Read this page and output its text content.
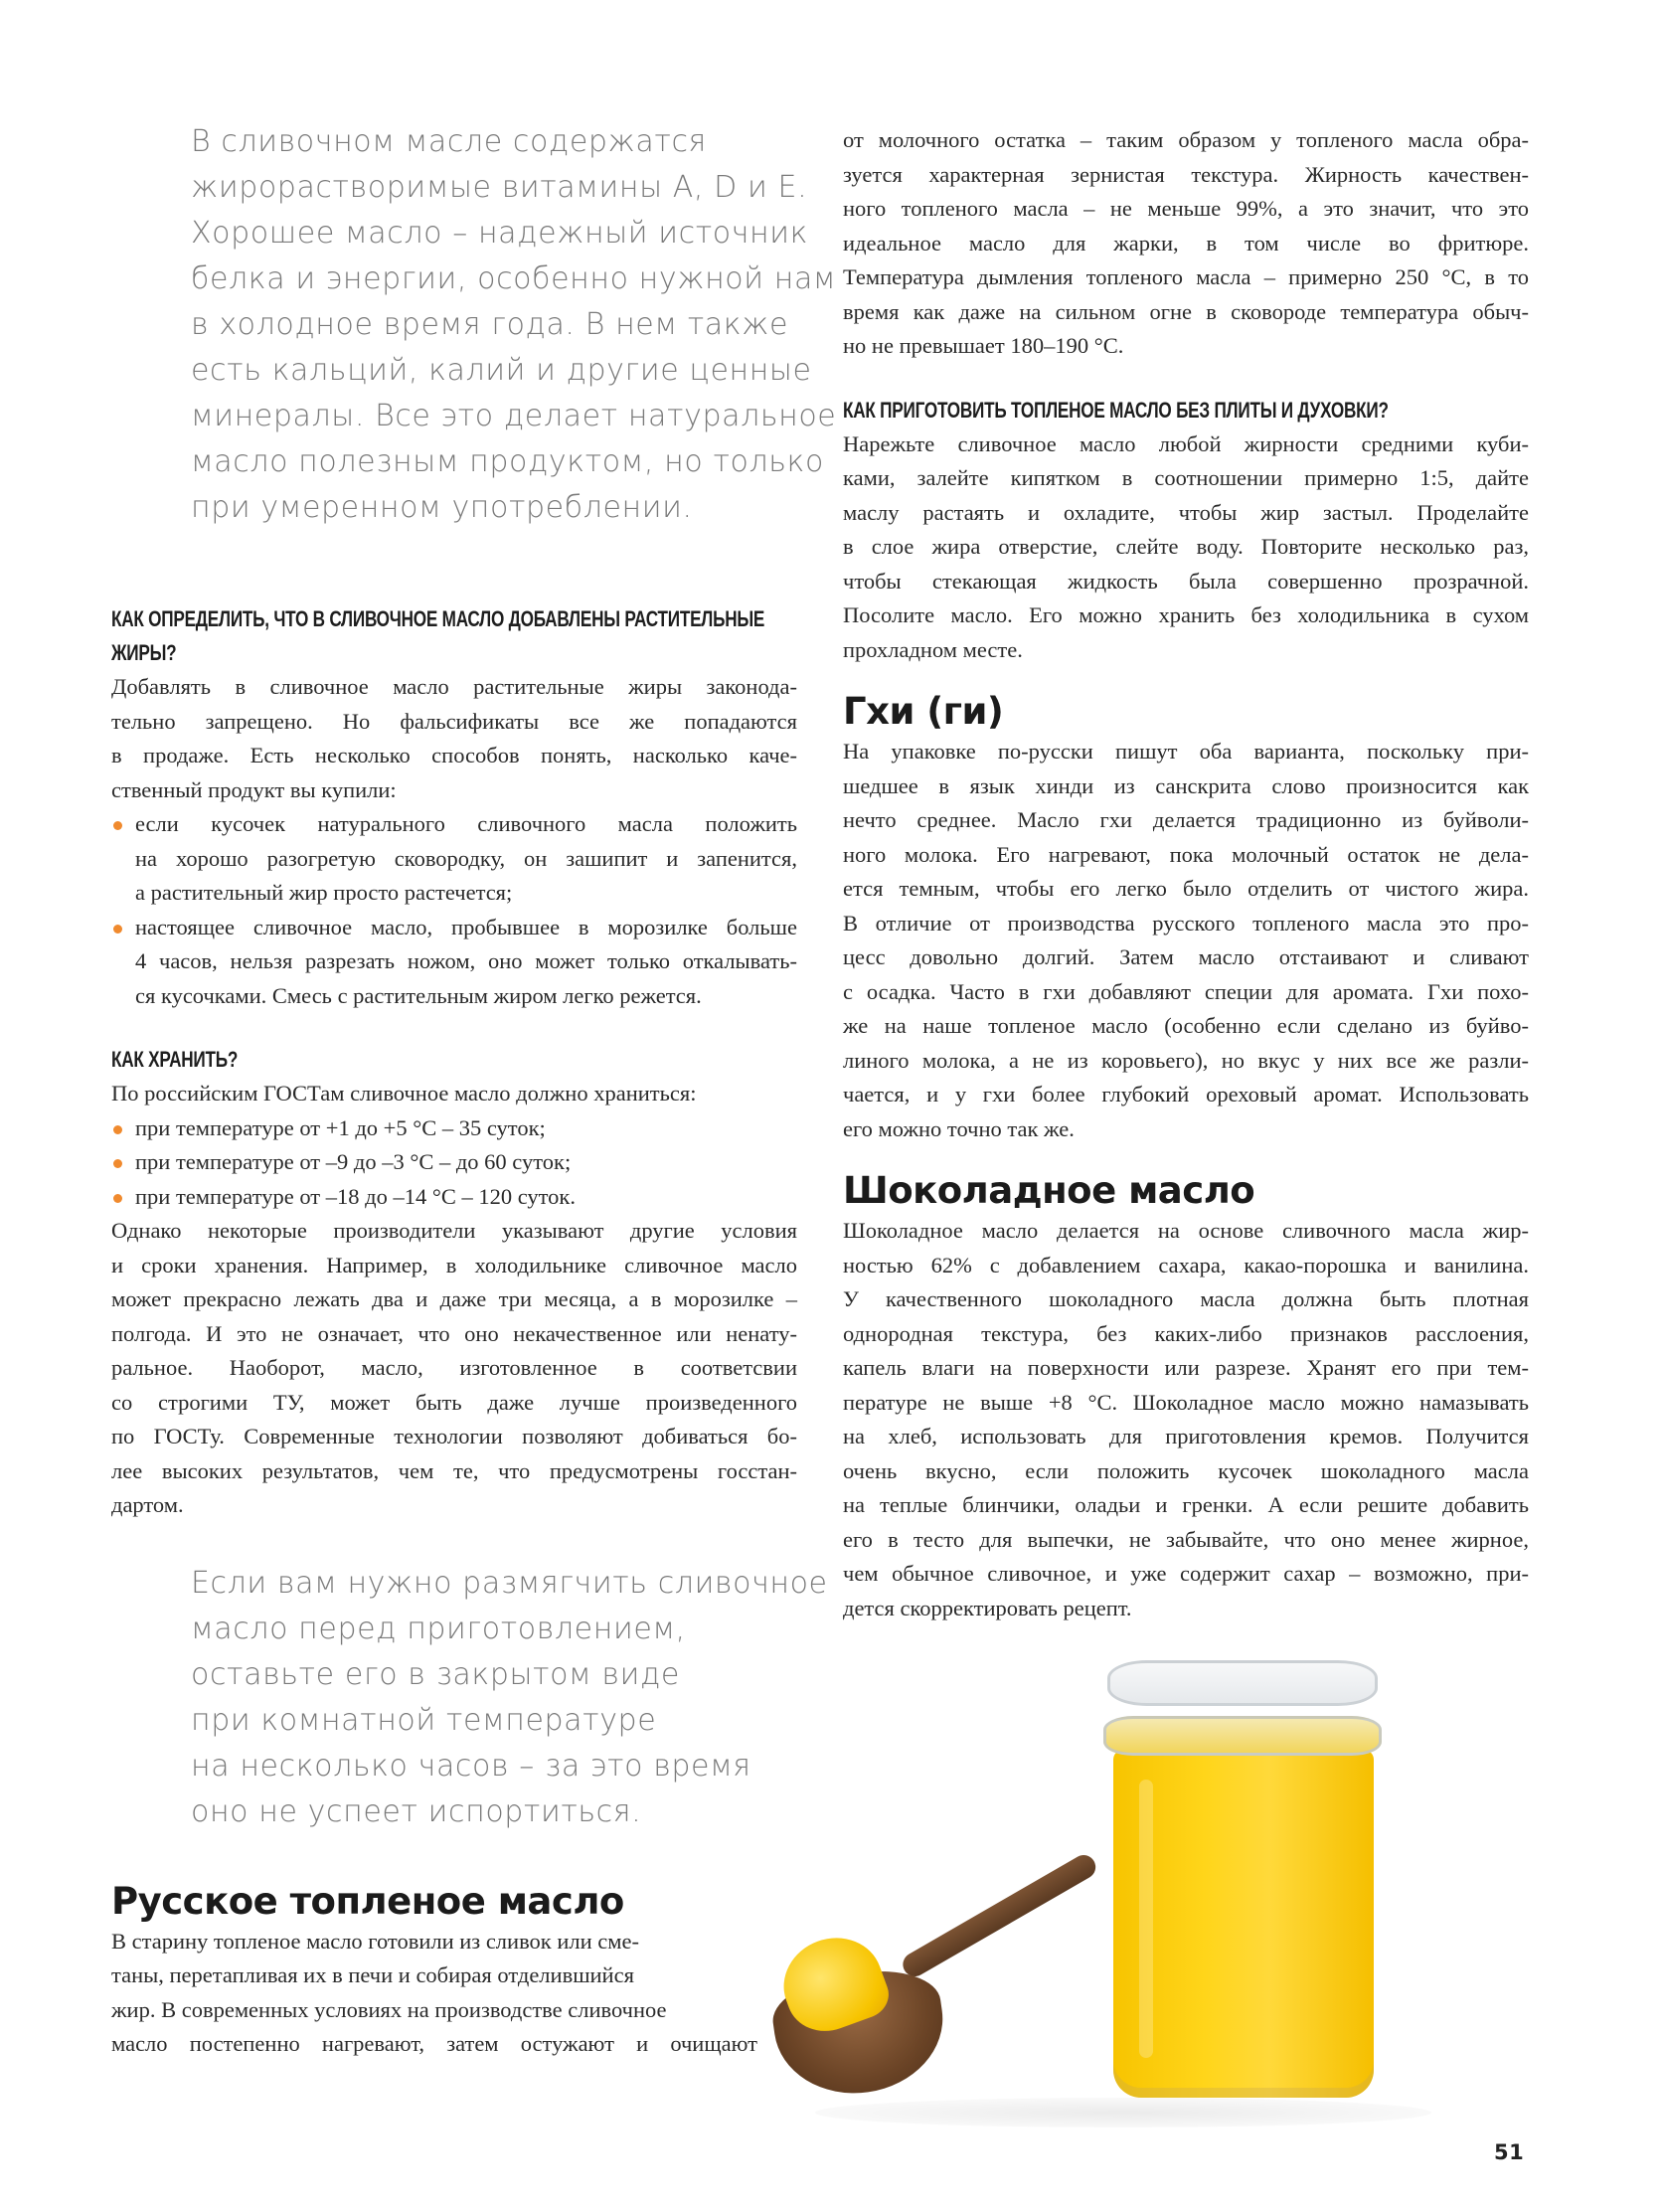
В сливочном масле содержатся
жирорастворимые витамины А, D и Е.
Хорошее масло – надежный источник
белка и энергии, особенно нужной нам
в холодное время года. В нем также
есть кальций, калий и другие ценные
минералы. Все это делает натуральное
масло полезным продуктом, но только
при умеренном употреблении.
КАК ОПРЕДЕЛИТЬ, ЧТО В СЛИВОЧНОЕ МАСЛО ДОБАВЛЕНЫ РАСТИТЕЛЬНЫЕ
ЖИРЫ?
Добавлять в сливочное масло растительные жиры законода-
тельно запрещено. Но фальсификаты все же попадаются
в продаже. Есть несколько способов понять, насколько каче-
ственный продукт вы купили:
если кусочек натурального сливочного масла положить
на хорошо разогретую сковородку, он зашипит и запенится,
а растительный жир просто растечется;
настоящее сливочное масло, пробывшее в морозилке больше
4 часов, нельзя разрезать ножом, оно может только откалывать-
ся кусочками. Смесь с растительным жиром легко режется.
КАК ХРАНИТЬ?
По российским ГОСТам сливочное масло должно храниться:
при температуре от +1 до +5 °С – 35 суток;
при температуре от –9 до –3 °С – до 60 суток;
при температуре от –18 до –14 °С – 120 суток.
Однако некоторые производители указывают другие условия
и сроки хранения. Например, в холодильнике сливочное масло
может прекрасно лежать два и даже три месяца, а в морозилке –
полгода. И это не означает, что оно некачественное или ненату-
ральное. Наоборот, масло, изготовленное в соответсвии
со строгими ТУ, может быть даже лучше произведенного
по ГОСТу. Современные технологии позволяют добиваться бо-
лее высоких результатов, чем те, что предусмотрены госстан-
дартом.
Если вам нужно размягчить сливочное
масло перед приготовлением,
оставьте его в закрытом виде
при комнатной температуре
на несколько часов – за это время
оно не успеет испортиться.
Русское топленое масло
В старину топленое масло готовили из сливок или сме-
таны, перетапливая их в печи и собирая отделившийся
жир. В современных условиях на производстве сливочное
масло постепенно нагревают, затем остужают и очищают
от молочного остатка – таким образом у топленого масла обра-
зуется характерная зернистая текстура. Жирность качествен-
ного топленого масла – не меньше 99%, а это значит, что это
идеальное масло для жарки, в том числе во фритюре.
Температура дымления топленого масла – примерно 250 °С, в то
время как даже на сильном огне в сковороде температура обыч-
но не превышает 180–190 °С.
КАК ПРИГОТОВИТЬ ТОПЛЕНОЕ МАСЛО БЕЗ ПЛИТЫ И ДУХОВКИ?
Нарежьте сливочное масло любой жирности средними куби-
ками, залейте кипятком в соотношении примерно 1:5, дайте
маслу растаять и охладите, чтобы жир застыл. Проделайте
в слое жира отверстие, слейте воду. Повторите несколько раз,
чтобы стекающая жидкость была совершенно прозрачной.
Посолите масло. Его можно хранить без холодильника в сухом
прохладном месте.
Гхи (ги)
На упаковке по-русски пишут оба варианта, поскольку при-
шедшее в язык хинди из санскрита слово произносится как
нечто среднее. Масло гхи делается традиционно из буйволи-
ного молока. Его нагревают, пока молочный остаток не дела-
ется темным, чтобы его легко было отделить от чистого жира.
В отличие от производства русского топленого масла это про-
цесс довольно долгий. Затем масло отстаивают и сливают
с осадка. Часто в гхи добавляют специи для аромата. Гхи похо-
же на наше топленое масло (особенно если сделано из буйво-
линого молока, а не из коровьего), но вкус у них все же разли-
чается, и у гхи более глубокий ореховый аромат. Использовать
его можно точно так же.
Шоколадное масло
Шоколадное масло делается на основе сливочного масла жир-
ностью 62% с добавлением сахара, какао-порошка и ванилина.
У качественного шоколадного масла должна быть плотная
однородная текстура, без каких-либо признаков расслоения,
капель влаги на поверхности или разрезе. Хранят его при тем-
пературе не выше +8 °С. Шоколадное масло можно намазывать
на хлеб, использовать для приготовления кремов. Получится
очень вкусно, если положить кусочек шоколадного масла
на теплые блинчики, оладьи и гренки. А если решите добавить
его в тесто для выпечки, не забывайте, что оно менее жирное,
чем обычное сливочное, и уже содержит сахар – возможно, при-
дется скорректировать рецепт.
51
